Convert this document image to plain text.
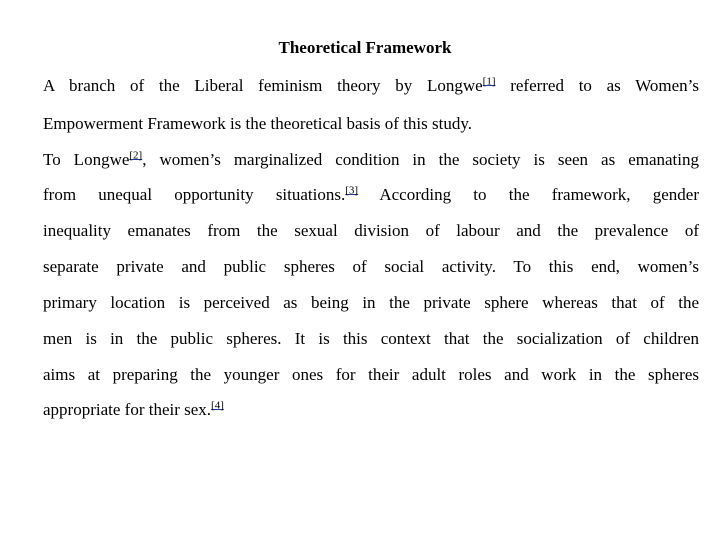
Theoretical Framework
A branch of the Liberal feminism theory by Longwe[1] referred to as Women’s
Empowerment Framework is the theoretical basis of this study.
To Longwe[2], women’s marginalized condition in the society is seen as emanating
from unequal opportunity situations.[3] According to the framework, gender
inequality emanates from the sexual division of labour and the prevalence of
separate private and public spheres of social activity. To this end, women’s
primary location is perceived as being in the private sphere whereas that of the
men is in the public spheres. It is this context that the socialization of children
aims at preparing the younger ones for their adult roles and work in the spheres
appropriate for their sex.[4]
